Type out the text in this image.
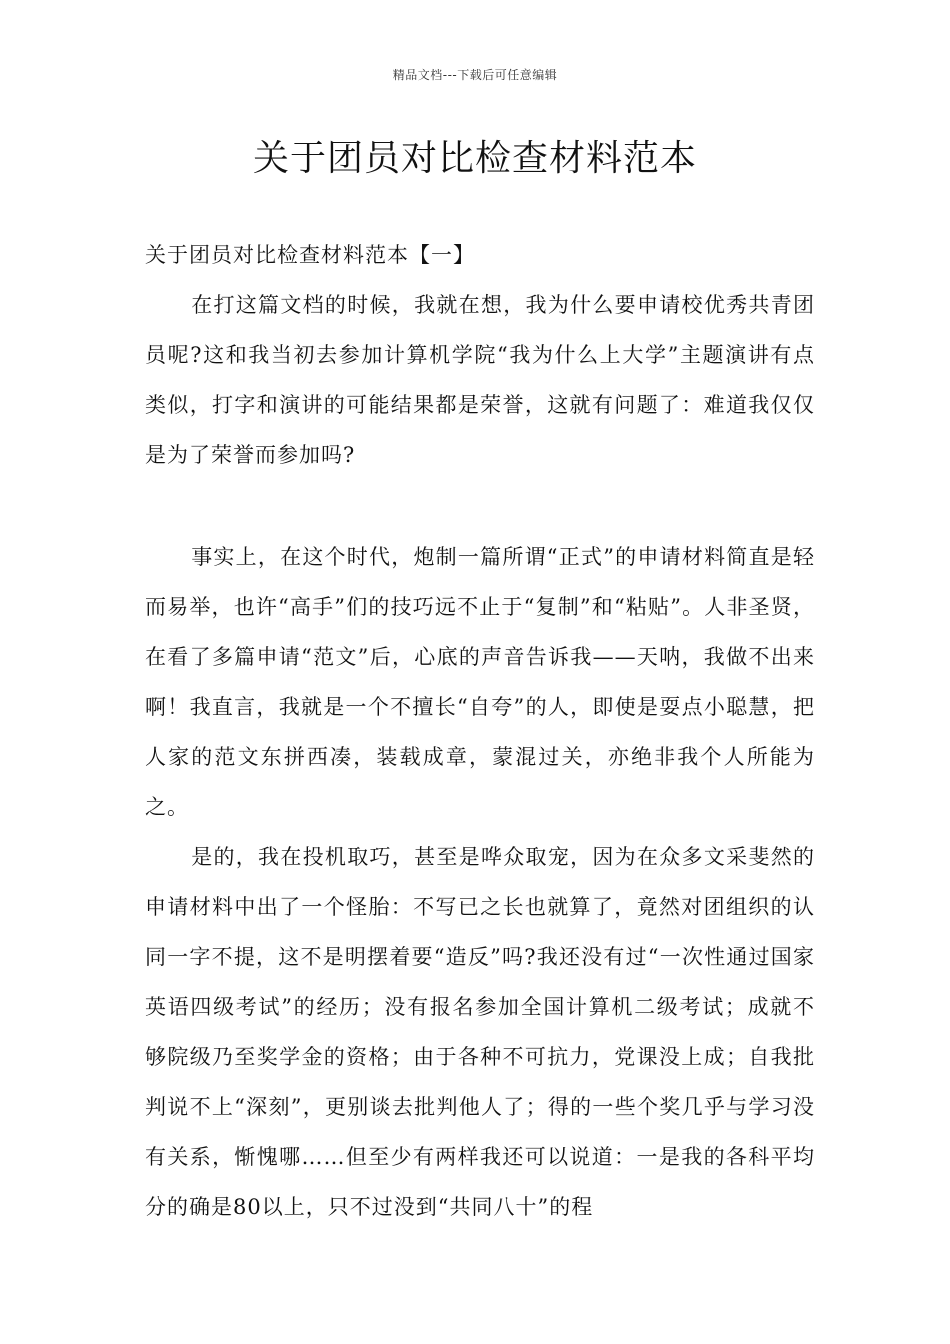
精品文档---下载后可任意编辑
关于团员对比检查材料范本
关于团员对比检查材料范本【一】

在打这篇文档的时候，我就在想，我为什么要申请校优秀共青团员呢?这和我当初去参加计算机学院“我为什么上大学”主题演讲有点类似，打字和演讲的可能结果都是荣誉，这就有问题了：难道我仅仅是为了荣誉而参加吗?

事实上，在这个时代，炮制一篇所谓“正式”的申请材料简直是轻而易举，也许“高手”们的技巧远不止于“复制”和“粘贴”。人非圣贤，在看了多篇申请“范文”后，心底的声音告诉我——天呐，我做不出来啊！我直言，我就是一个不擅长“自夸”的人，即使是耍点小聪慧，把人家的范文东拼西凑，装载成章，蒙混过关，亦绝非我个人所能为之。

是的，我在投机取巧，甚至是哗众取宠，因为在众多文采斐然的申请材料中出了一个怪胎：不写已之长也就算了，竟然对团组织的认同一字不提，这不是明摆着要“造反”吗?我还没有过“一次性通过国家英语四级考试”的经历；没有报名参加全国计算机二级考试；成就不够院级乃至奖学金的资格；由于各种不可抗力，党课没上成；自我批判说不上“深刻”，更别谈去批判他人了；得的一些个奖几乎与学习没有关系，惭愧哪……但至少有两样我还可以说道：一是我的各科平均分的确是80以上，只不过没到“共同八十”的程
